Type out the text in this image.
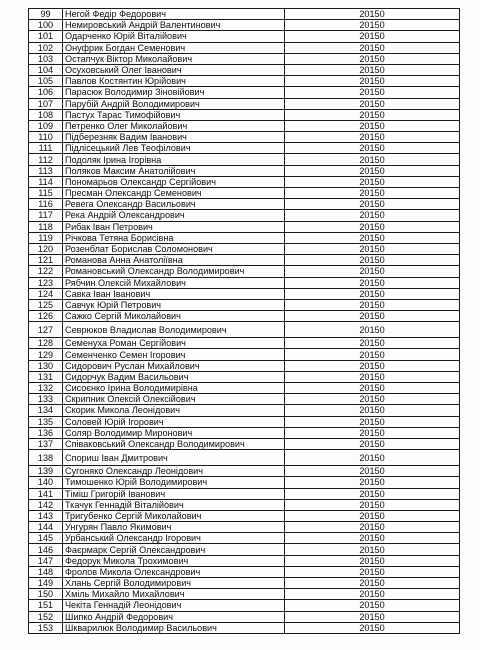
99	Негой Федір Федорович	20150
100	Немировський Андрій Валентинович	20150
101	Одарченко Юрій Віталійович	20150
102	Онуфрик Богдан Семенович	20150
103	Остапчук Віктор Миколайович	20150
104	Осуховський Олег Іванович	20150
105	Павлов Костянтин Юрійович	20150
106	Парасюк Володимир Зіновійович	20150
107	Парубій Андрій Володимирович	20150
108	Пастух Тарас Тимофійович	20150
109	Петренко Олег Миколайович	20150
110	Підберезняк Вадим Іванович	20150
111	Підлісецький Лев Теофілович	20150
112	Подоляк Ірина Ігорівна	20150
113	Поляков Максим Анатолійович	20150
114	Пономарьов Олександр Сергійович	20150
115	Пресман Олександр Семенович	20150
116	Ревега Олександр Васильович	20150
117	Река Андрій Олександрович	20150
118	Рибак Іван Петрович	20150
119	Річкова Тетяна Борисівна	20150
120	Розенблат Борислав Соломонович	20150
121	Романова Анна Анатоліївна	20150
122	Романовський Олександр Володимирович	20150
123	Рябчин Олексій Михайлович	20150
124	Савка Іван Іванович	20150
125	Савчук Юрій Петрович	20150
126	Сажко Сергій Миколайович	20150
127	Севрюков Владислав Володимирович	20150
128	Семенуха Роман Сергійович	20150
129	Семенченко Семен Ігорович	20150
130	Сидорович Руслан Михайлович	20150
131	Сидорчук Вадим Васильович	20150
132	Сисоєнко Ірина Володимирівна	20150
133	Скрипник Олексій Олексійович	20150
134	Скорик Микола Леонідович	20150
135	Соловей Юрій Ігорович	20150
136	Соляр Володимир Миронович	20150
137	Співаковський Олександр Володимирович	20150
138	Спориш Іван Дмитрович	20150
139	Сугоняко Олександр Леонідович	20150
140	Тимошенко Юрій Володимирович	20150
141	Тіміш Григорій Іванович	20150
142	Ткачук Геннадій Віталійович	20150
143	Тригубенко Сергій Миколайович	20150
144	Унгурян Павло Якимович	20150
145	Урбанський Олександр Ігорович	20150
146	Фаєрмарк Сергій Олександрович	20150
147	Федорук Микола Трохимович	20150
148	Фролов Микола Олександрович	20150
149	Хлань Сергій Володимирович	20150
150	Хміль Михайло Михайлович	20150
151	Чекіта Геннадій Леонідович	20150
152	Шипко Андрій Федорович	20150
153	Шкварилюк Володимир Васильович	20150
